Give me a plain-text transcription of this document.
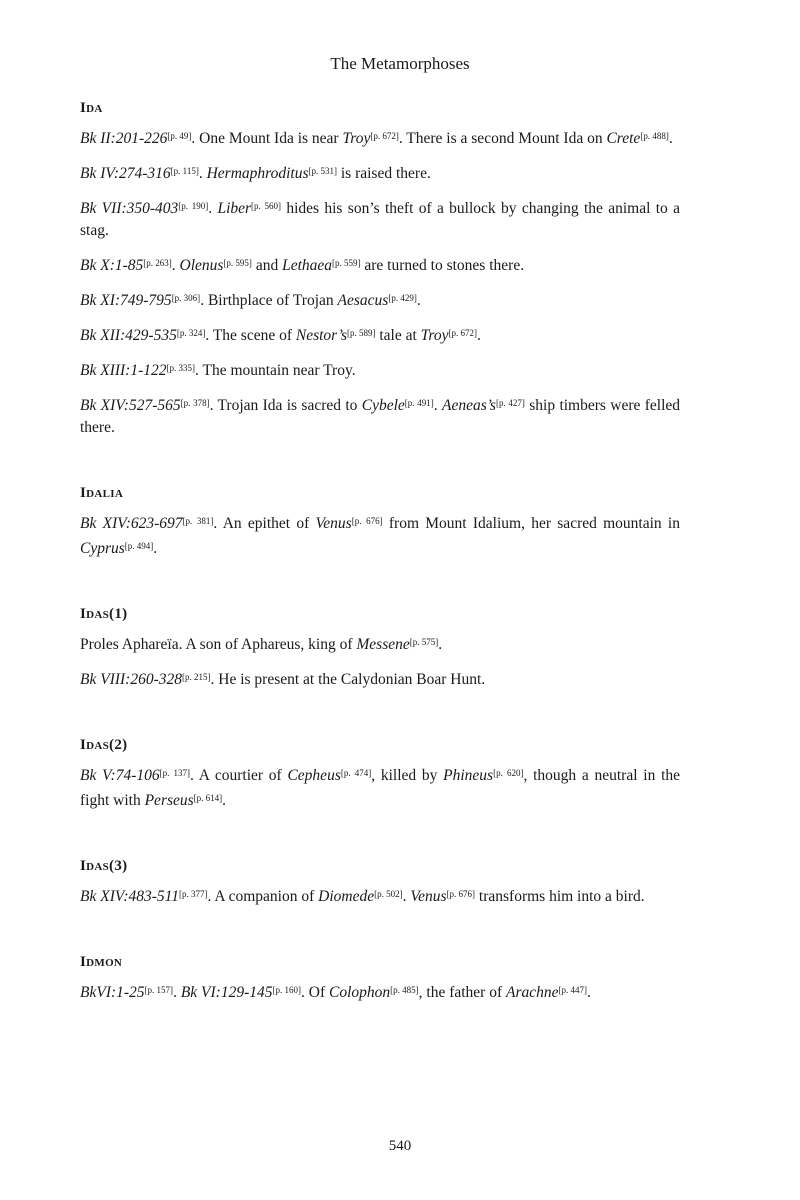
The Metamorphoses
Ida

Bk II:201-226[p. 49]. One Mount Ida is near Troy[p. 672]. There is a second Mount Ida on Crete[p. 488].

Bk IV:274-316[p. 115]. Hermaphroditus[p. 531] is raised there.

Bk VII:350-403[p. 190]. Liber[p. 560] hides his son’s theft of a bullock by changing the animal to a stag.

Bk X:1-85[p. 263]. Olenus[p. 595] and Lethaea[p. 559] are turned to stones there.

Bk XI:749-795[p. 306]. Birthplace of Trojan Aesacus[p. 429].

Bk XII:429-535[p. 324]. The scene of Nestor’s[p. 589] tale at Troy[p. 672].

Bk XIII:1-122[p. 335]. The mountain near Troy.

Bk XIV:527-565[p. 378]. Trojan Ida is sacred to Cybele[p. 491]. Aeneas’s[p. 427] ship timbers were felled there.

Idalia

Bk XIV:623-697[p. 381]. An epithet of Venus[p. 676] from Mount Idalium, her sacred mountain in Cyprus[p. 494].

Idas(1)

Proles Aphareïa. A son of Aphareus, king of Messene[p. 575].

Bk VIII:260-328[p. 215]. He is present at the Calydonian Boar Hunt.

Idas(2)

Bk V:74-106[p. 137]. A courtier of Cepheus[p. 474], killed by Phineus[p. 620], though a neutral in the fight with Perseus[p. 614].

Idas(3)

Bk XIV:483-511[p. 377]. A companion of Diomede[p. 502]. Venus[p. 676] transforms him into a bird.

Idmon

BkVI:1-25[p. 157]. Bk VI:129-145[p. 160]. Of Colophon[p. 485], the father of Arachne[p. 447].

540
